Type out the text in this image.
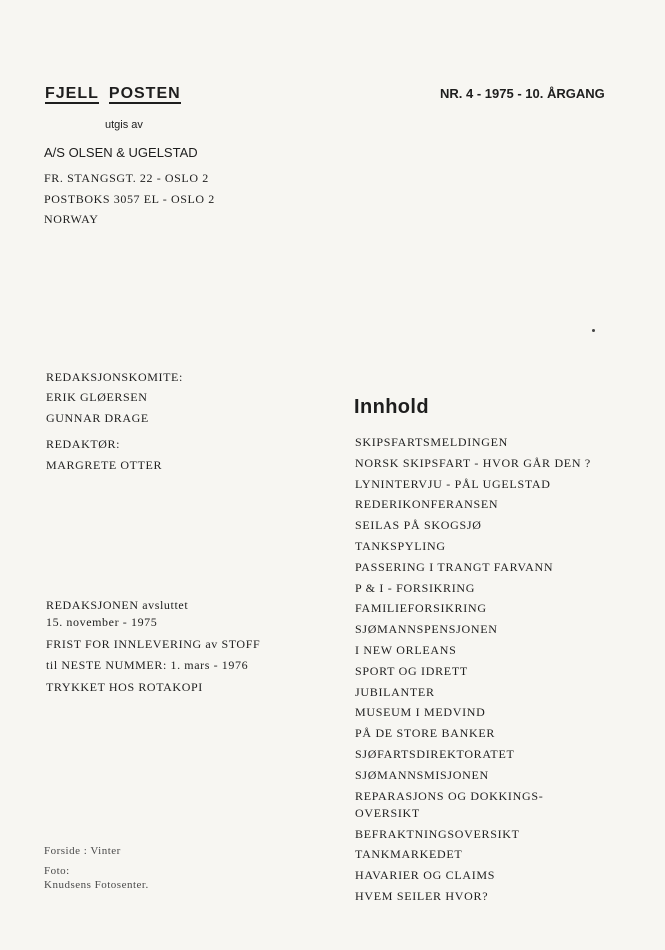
FJELL POSTEN	NR. 4 - 1975 - 10. ÅRGANG
utgis av
A/S OLSEN & UGELSTAD
FR. STANGSGT. 22 - OSLO 2
POSTBOKS 3057 EL - OSLO 2
NORWAY
REDAKSJONSKOMITE:
ERIK GLØERSEN
GUNNAR DRAGE
REDAKTØR:
MARGRETE OTTER
REDAKSJONEN avsluttet
15. november - 1975
FRIST FOR INNLEVERING av STOFF
til NESTE NUMMER: 1. mars - 1976
TRYKKET HOS ROTAKOPI
Forside : Vinter
Foto:
Knudsens Fotosenter.
Innhold
SKIPSFARTSMELDINGEN
NORSK SKIPSFART - HVOR GÅR DEN ?
LYNINTERVJU - PÅL UGELSTAD
REDERIKONFERANSEN
SEILAS PÅ SKOGSJØ
TANKSPYLING
PASSERING I TRANGT FARVANN
P & I - FORSIKRING
FAMILIEFORSIKRING
SJØMANNSPENSJONEN
I NEW ORLEANS
SPORT OG IDRETT
JUBILANTER
MUSEUM I MEDVIND
PÅ DE STORE BANKER
SJØFARTSDIREKTORATET
SJØMANNSMISJONEN
REPARASJONS OG DOKKINGS-
OVERSIKT
BEFRAKTNINGSOVERSIKT
TANKMARKEDET
HAVARIER OG CLAIMS
HVEM SEILER HVOR?
